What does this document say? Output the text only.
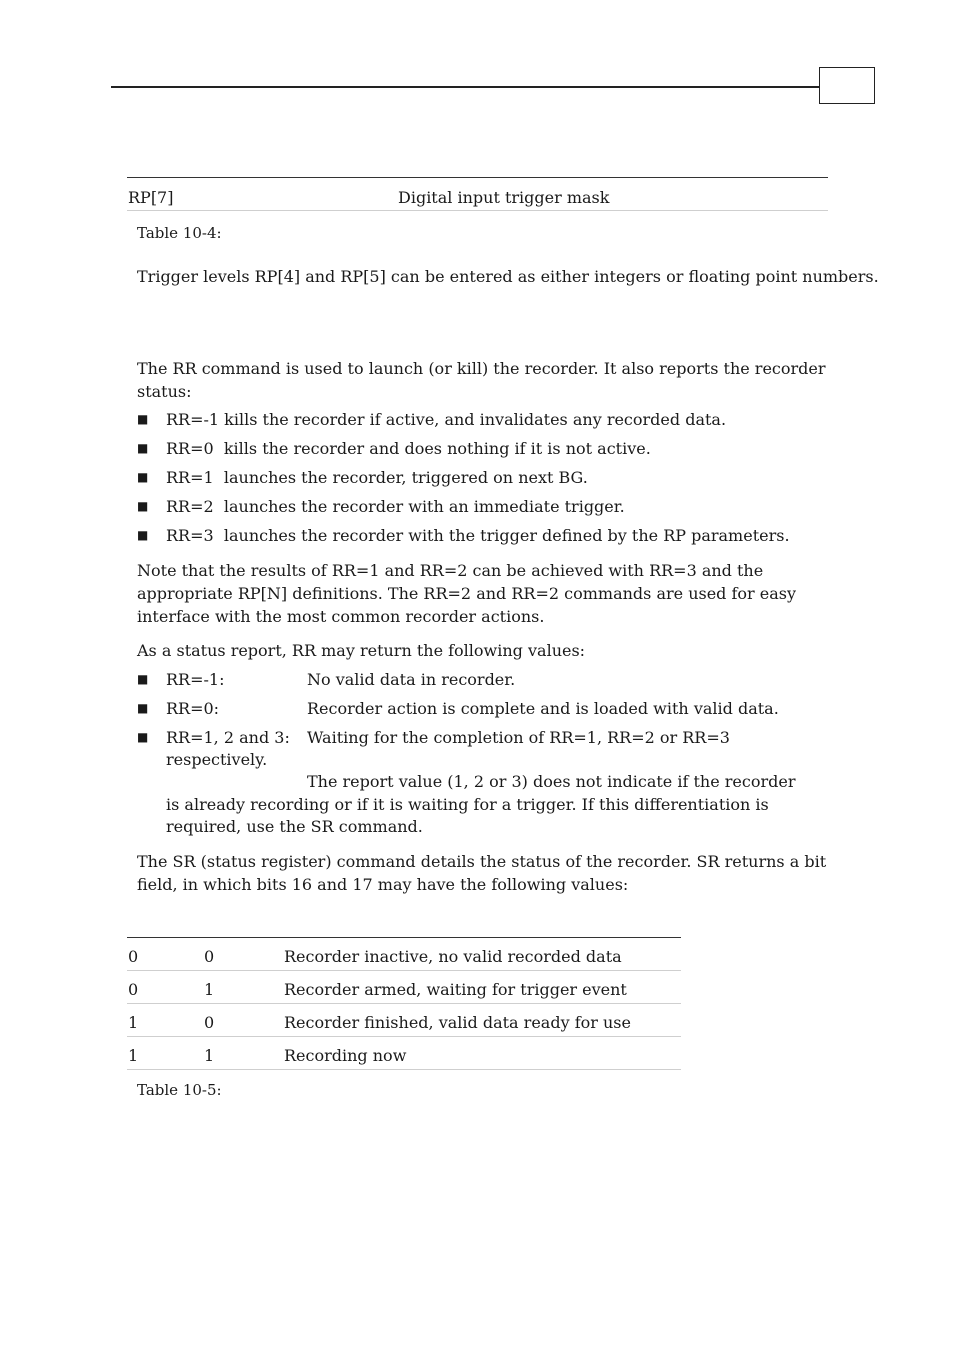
RP[7]	Digital input trigger mask
Table 10-4:
Trigger levels RP[4] and RP[5] can be entered as either integers or floating point numbers.
The RR command is used to launch (or kill) the recorder. It also reports the recorder
status:
■ RR=-1 kills the recorder if active, and invalidates any recorded data.
■ RR=0  kills the recorder and does nothing if it is not active.
■ RR=1  launches the recorder, triggered on next BG.
■ RR=2  launches the recorder with an immediate trigger.
■ RR=3  launches the recorder with the trigger defined by the RP parameters.
Note that the results of RR=1 and RR=2 can be achieved with RR=3 and the
appropriate RP[N] definitions. The RR=2 and RR=2 commands are used for easy
interface with the most common recorder actions.
As a status report, RR may return the following values:
■ RR=-1:	No valid data in recorder.
■ RR=0:	Recorder action is complete and is loaded with valid data.
■ RR=1, 2 and 3: Waiting for the completion of RR=1, RR=2 or RR=3
respectively.
The report value (1, 2 or 3) does not indicate if the recorder
is already recording or if it is waiting for a trigger. If this differentiation is
required, use the SR command.
The SR (status register) command details the status of the recorder. SR returns a bit
field, in which bits 16 and 17 may have the following values:
0	0	Recorder inactive, no valid recorded data
0	1	Recorder armed, waiting for trigger event
1	0	Recorder finished, valid data ready for use
1	1	Recording now
Table 10-5:
